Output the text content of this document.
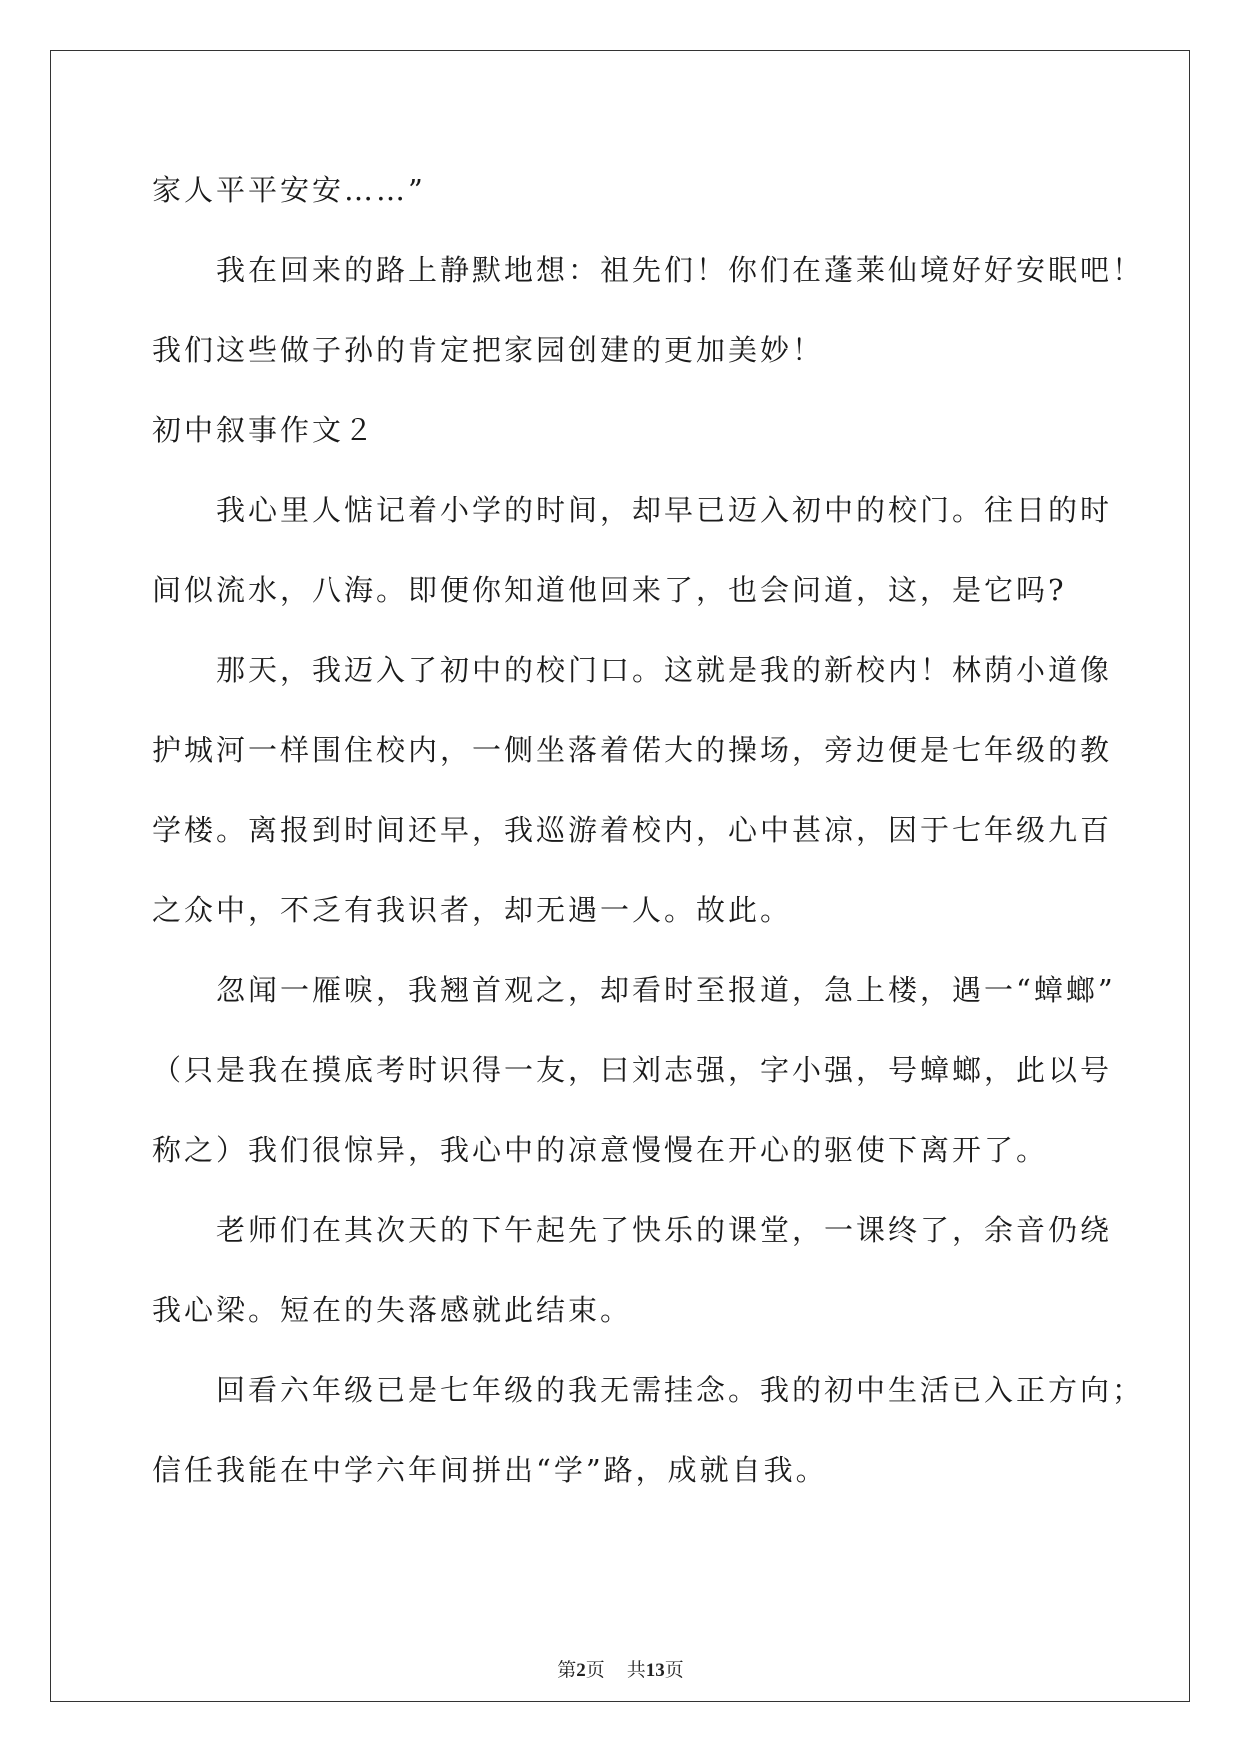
家人平平安安……”
我在回来的路上静默地想：祖先们！你们在蓬莱仙境好好安眠吧！
我们这些做子孙的肯定把家园创建的更加美妙！
初中叙事作文２
我心里人惦记着小学的时间，却早已迈入初中的校门。往日的时
间似流水，八海。即便你知道他回来了，也会问道，这，是它吗?
那天，我迈入了初中的校门口。这就是我的新校内！林荫小道像
护城河一样围住校内，一侧坐落着偌大的操场，旁边便是七年级的教
学楼。离报到时间还早，我巡游着校内，心中甚凉，因于七年级九百
之众中，不乏有我识者，却无遇一人。故此。
忽闻一雁唳，我翘首观之，却看时至报道，急上楼，遇一“蟑螂”
（只是我在摸底考时识得一友，曰刘志强，字小强，号蟑螂，此以号
称之）我们很惊异，我心中的凉意慢慢在开心的驱使下离开了。
老师们在其次天的下午起先了快乐的课堂，一课终了，余音仍绕
我心梁。短在的失落感就此结束。
回看六年级已是七年级的我无需挂念。我的初中生活已入正方向；
信任我能在中学六年间拼出“学”路，成就自我。
第2页 共13页
